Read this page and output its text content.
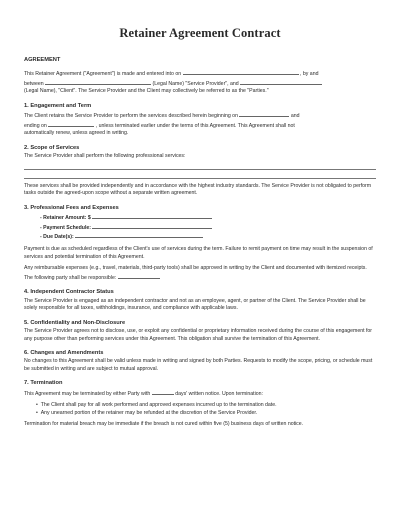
Retainer Agreement Contract
AGREEMENT
This Retainer Agreement ("Agreement") is made and entered into on	, by and
between	(Legal Name) "Service Provider", and
(Legal Name), "Client". The Service Provider and the Client may collectively be referred to as the "Parties."
1. Engagement and Term
The Client retains the Service Provider to perform the services described herein beginning on	and
ending on	, unless terminated earlier under the terms of this Agreement. This Agreement shall not
automatically renew, unless agreed in writing.
2. Scope of Services
The Service Provider shall perform the following professional services:
These services shall be provided independently and in accordance with the highest industry standards. The Service Provider is not obligated to perform tasks outside the agreed-upon scope without a separate written agreement.
3. Professional Fees and Expenses
- Retainer Amount: $
- Payment Schedule:
- Due Date(s):
Payment is due as scheduled regardless of the Client's use of services during the term. Failure to remit payment on time may result in the suspension of services and potential termination of this Agreement.
Any reimbursable expenses (e.g., travel, materials, third-party tools) shall be approved in writing by the Client and documented with itemized receipts. The following party shall be responsible:
4. Independent Contractor Status
The Service Provider is engaged as an independent contractor and not as an employee, agent, or partner of the Client. The Service Provider shall be solely responsible for all taxes, withholdings, insurance, and compliance with applicable laws.
5. Confidentiality and Non-Disclosure
The Service Provider agrees not to disclose, use, or exploit any confidential or proprietary information received during the course of this engagement for any purpose other than performing services under this Agreement. This obligation shall survive the termination of this Agreement.
6. Changes and Amendments
No changes to this Agreement shall be valid unless made in writing and signed by both Parties. Requests to modify the scope, pricing, or schedule must be submitted in writing and are subject to mutual approval.
7. Termination
This Agreement may be terminated by either Party with	days' written notice. Upon termination:
•  The Client shall pay for all work performed and approved expenses incurred up to the termination date.
•  Any unearned portion of the retainer may be refunded at the discretion of the Service Provider.
Termination for material breach may be immediate if the breach is not cured within five (5) business days of written notice.
